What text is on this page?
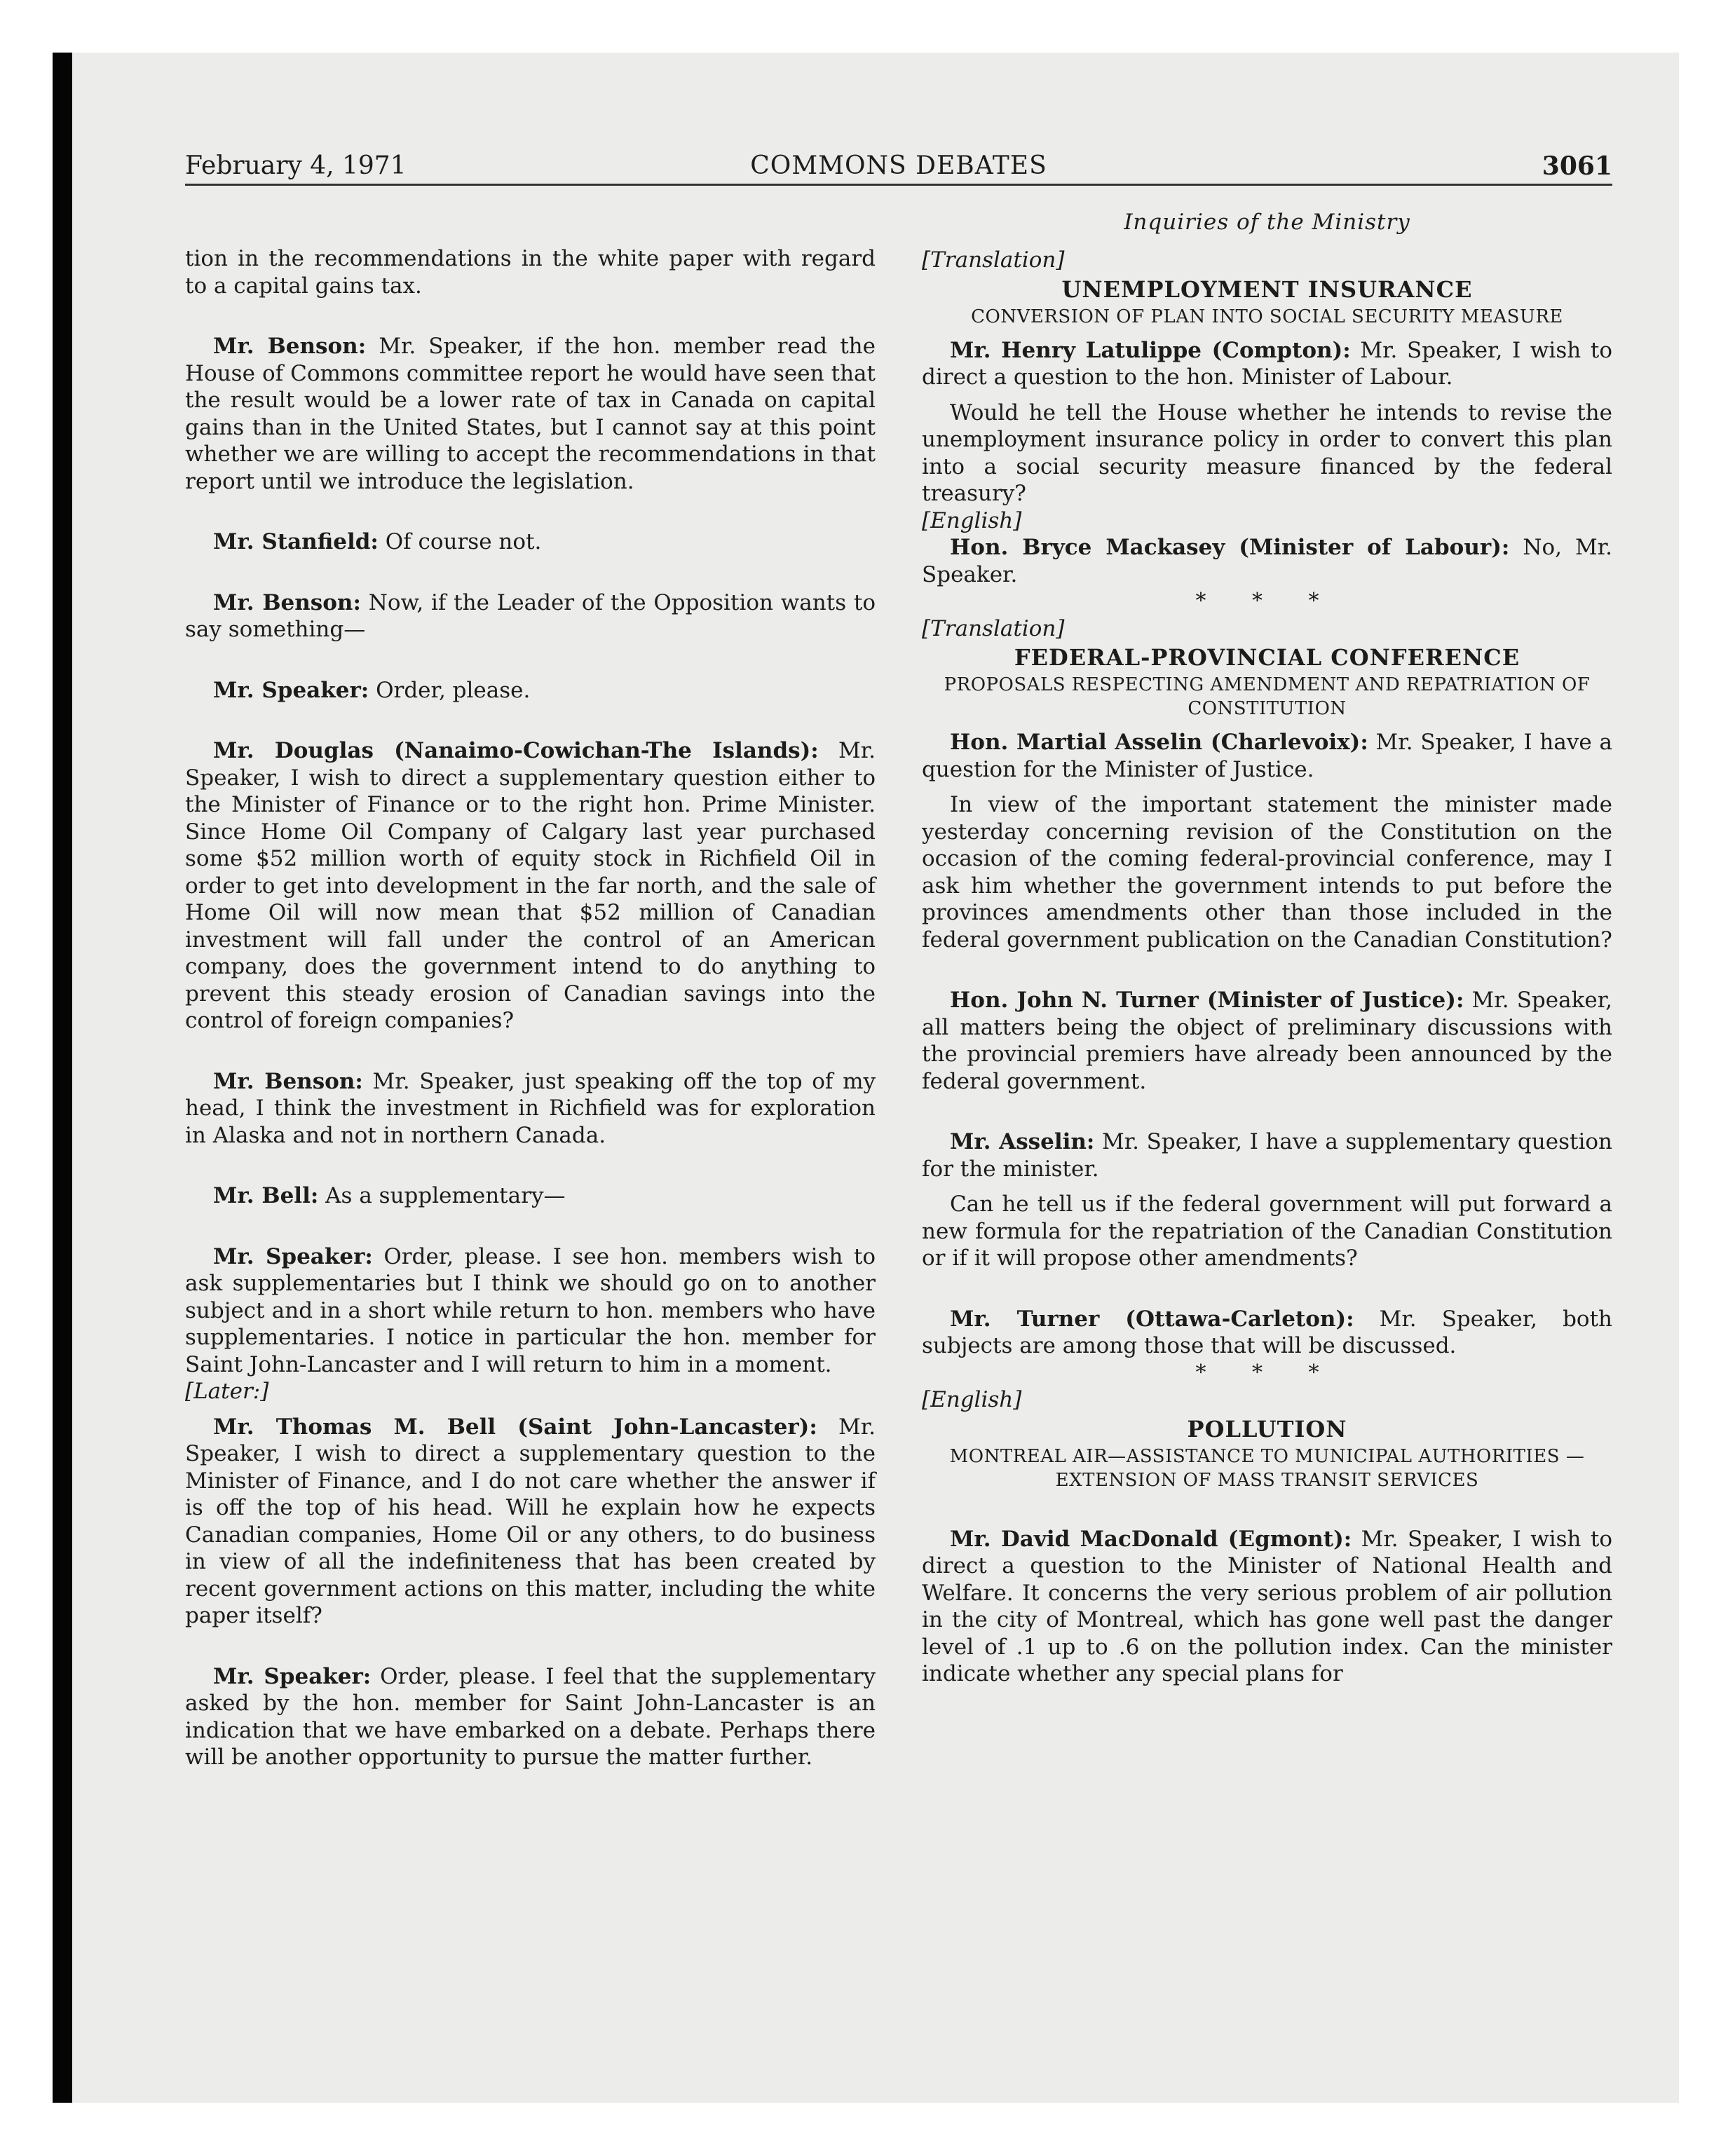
February 4, 1971	COMMONS DEBATES	3061
Inquiries of the Ministry

tion in the recommendations in the white paper with regard to a capital gains tax.

Mr. Benson: Mr. Speaker, if the hon. member read the House of Commons committee report he would have seen that the result would be a lower rate of tax in Canada on capital gains than in the United States, but I cannot say at this point whether we are willing to accept the recommendations in that report until we introduce the legislation.

Mr. Stanfield: Of course not.

Mr. Benson: Now, if the Leader of the Opposition wants to say something—

Mr. Speaker: Order, please.

Mr. Douglas (Nanaimo-Cowichan-The Islands): Mr. Speaker, I wish to direct a supplementary question either to the Minister of Finance or to the right hon. Prime Minister. Since Home Oil Company of Calgary last year purchased some $52 million worth of equity stock in Richfield Oil in order to get into development in the far north, and the sale of Home Oil will now mean that $52 million of Canadian investment will fall under the control of an American company, does the government intend to do anything to prevent this steady erosion of Canadian savings into the control of foreign companies?

Mr. Benson: Mr. Speaker, just speaking off the top of my head, I think the investment in Richfield was for exploration in Alaska and not in northern Canada.

Mr. Bell: As a supplementary—

Mr. Speaker: Order, please. I see hon. members wish to ask supplementaries but I think we should go on to another subject and in a short while return to hon. members who have supplementaries. I notice in particular the hon. member for Saint John-Lancaster and I will return to him in a moment.

[Later:]

Mr. Thomas M. Bell (Saint John-Lancaster): Mr. Speaker, I wish to direct a supplementary question to the Minister of Finance, and I do not care whether the answer if is off the top of his head. Will he explain how he expects Canadian companies, Home Oil or any others, to do business in view of all the indefiniteness that has been created by recent government actions on this matter, including the white paper itself?

Mr. Speaker: Order, please. I feel that the supplementary asked by the hon. member for Saint John-Lancaster is an indication that we have embarked on a debate. Perhaps there will be another opportunity to pursue the matter further.

[Translation]

UNEMPLOYMENT INSURANCE

CONVERSION OF PLAN INTO SOCIAL SECURITY MEASURE

Mr. Henry Latulippe (Compton): Mr. Speaker, I wish to direct a question to the hon. Minister of Labour.

Would he tell the House whether he intends to revise the unemployment insurance policy in order to convert this plan into a social security measure financed by the federal treasury?

[English]

Hon. Bryce Mackasey (Minister of Labour): No, Mr. Speaker.

* * *

[Translation]

FEDERAL-PROVINCIAL CONFERENCE

PROPOSALS RESPECTING AMENDMENT AND REPATRIATION OF CONSTITUTION

Hon. Martial Asselin (Charlevoix): Mr. Speaker, I have a question for the Minister of Justice.

In view of the important statement the minister made yesterday concerning revision of the Constitution on the occasion of the coming federal-provincial conference, may I ask him whether the government intends to put before the provinces amendments other than those included in the federal government publication on the Canadian Constitution?

Hon. John N. Turner (Minister of Justice): Mr. Speaker, all matters being the object of preliminary discussions with the provincial premiers have already been announced by the federal government.

Mr. Asselin: Mr. Speaker, I have a supplementary question for the minister.

Can he tell us if the federal government will put forward a new formula for the repatriation of the Canadian Constitution or if it will propose other amendments?

Mr. Turner (Ottawa-Carleton): Mr. Speaker, both subjects are among those that will be discussed.

* * *

[English]

POLLUTION

MONTREAL AIR—ASSISTANCE TO MUNICIPAL AUTHORITIES —EXTENSION OF MASS TRANSIT SERVICES

Mr. David MacDonald (Egmont): Mr. Speaker, I wish to direct a question to the Minister of National Health and Welfare. It concerns the very serious problem of air pollution in the city of Montreal, which has gone well past the danger level of .1 up to .6 on the pollution index. Can the minister indicate whether any special plans for
